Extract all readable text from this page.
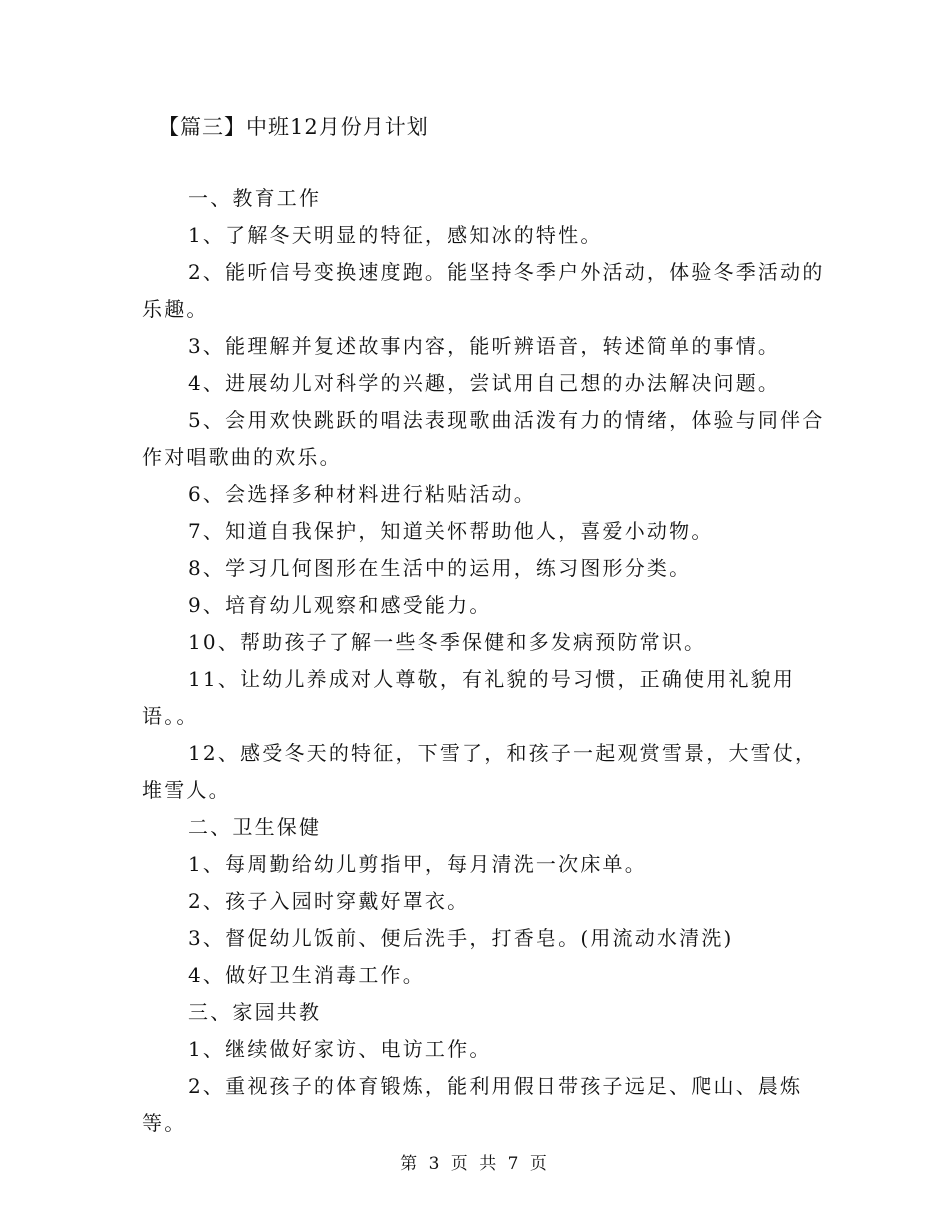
【篇三】中班12月份月计划

一、教育工作

1、了解冬天明显的特征，感知冰的特性。

2、能听信号变换速度跑。能坚持冬季户外活动，体验冬季活动的乐趣。

3、能理解并复述故事内容，能听辨语音，转述简单的事情。

4、进展幼儿对科学的兴趣，尝试用自己想的办法解决问题。

5、会用欢快跳跃的唱法表现歌曲活泼有力的情绪，体验与同伴合作对唱歌曲的欢乐。

6、会选择多种材料进行粘贴活动。

7、知道自我保护，知道关怀帮助他人，喜爱小动物。

8、学习几何图形在生活中的运用，练习图形分类。

9、培育幼儿观察和感受能力。

10、帮助孩子了解一些冬季保健和多发病预防常识。

11、让幼儿养成对人尊敬，有礼貌的号习惯，正确使用礼貌用语。。

12、感受冬天的特征，下雪了，和孩子一起观赏雪景，大雪仗，堆雪人。

二、卫生保健

1、每周勤给幼儿剪指甲，每月清洗一次床单。

2、孩子入园时穿戴好罩衣。

3、督促幼儿饭前、便后洗手，打香皂。(用流动水清洗)

4、做好卫生消毒工作。

三、家园共教

1、继续做好家访、电访工作。

2、重视孩子的体育锻炼，能利用假日带孩子远足、爬山、晨炼等。

第 3 页 共 7 页
